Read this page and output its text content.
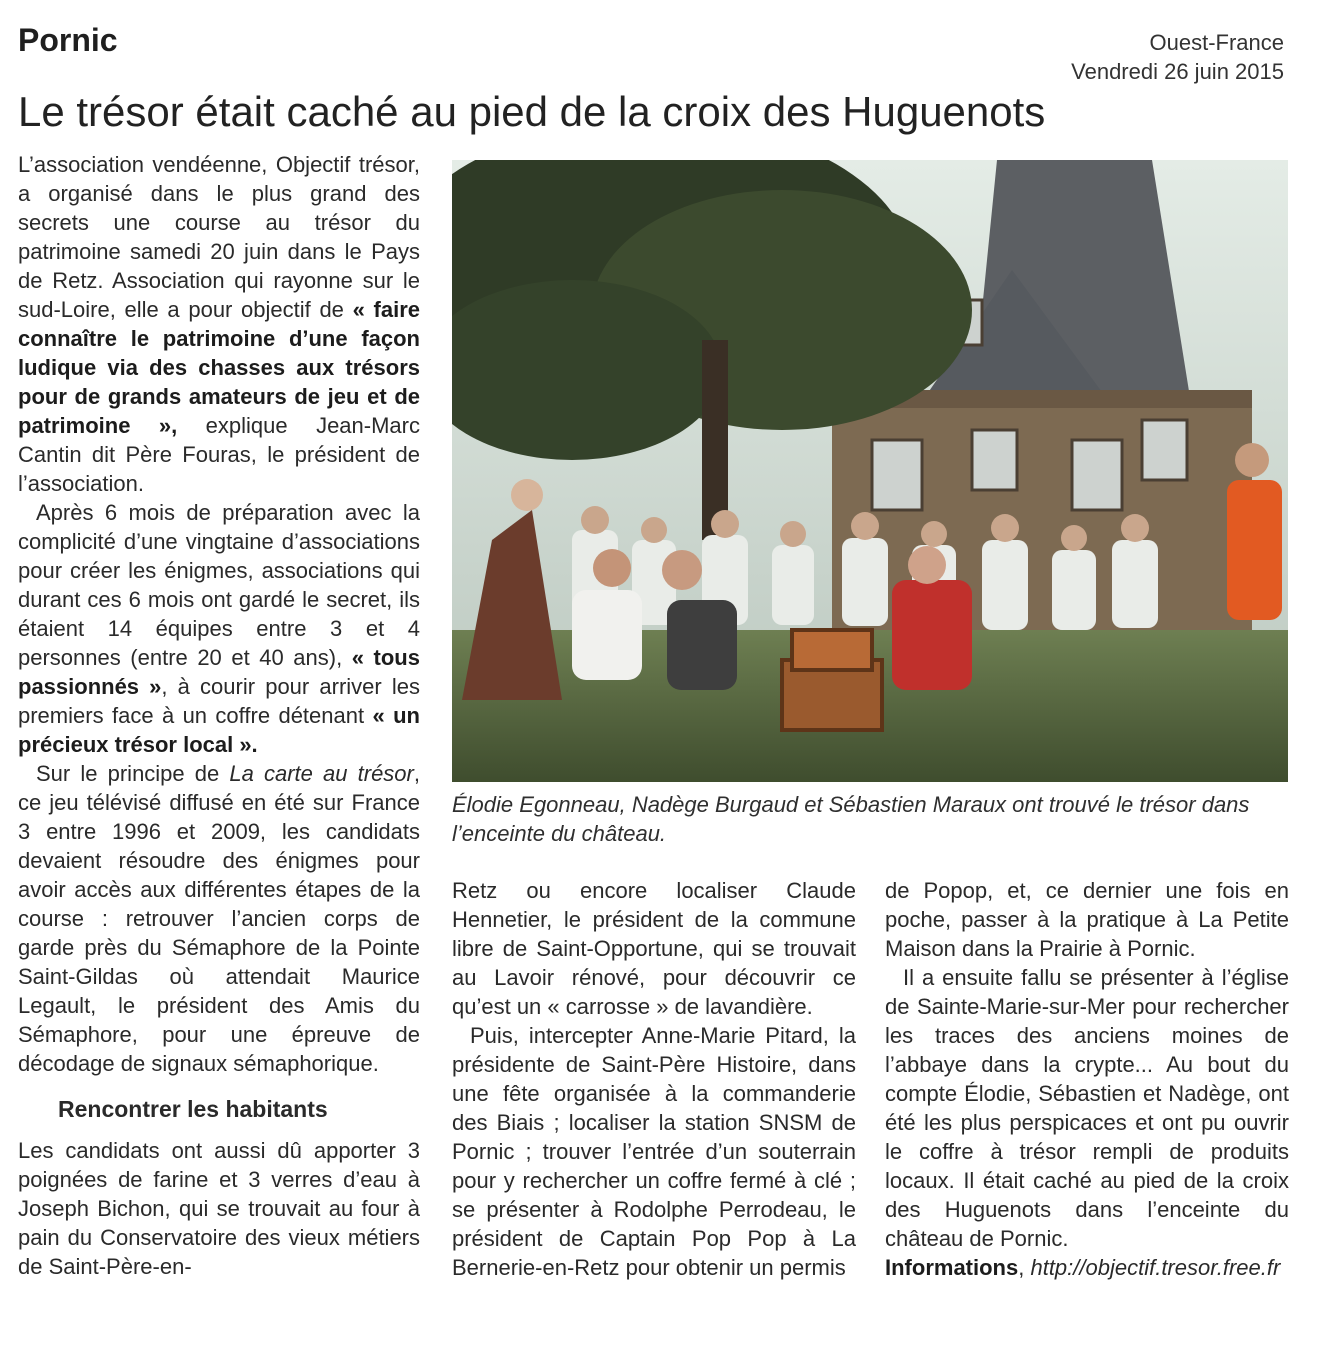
Pornic	Ouest-France
Vendredi 26 juin 2015
Le trésor était caché au pied de la croix des Huguenots

L’association vendéenne, Objectif trésor, a organisé dans le plus grand des secrets une course au trésor du patrimoine samedi 20 juin dans le Pays de Retz. Association qui rayonne sur le sud-Loire, elle a pour objectif de « faire connaître le patrimoine d’une façon ludique via des chasses aux trésors pour de grands amateurs de jeu et de patrimoine », explique Jean-Marc Cantin dit Père Fouras, le président de l’association.

Après 6 mois de préparation avec la complicité d’une vingtaine d’associations pour créer les énigmes, associations qui durant ces 6 mois ont gardé le secret, ils étaient 14 équipes entre 3 et 4 personnes (entre 20 et 40 ans), « tous passionnés », à courir pour arriver les premiers face à un coffre détenant « un précieux trésor local ».

Sur le principe de La carte au trésor, ce jeu télévisé diffusé en été sur France 3 entre 1996 et 2009, les candidats devaient résoudre des énigmes pour avoir accès aux différentes étapes de la course : retrouver l’ancien corps de garde près du Sémaphore de la Pointe Saint-Gildas où attendait Maurice Legault, le président des Amis du Sémaphore, pour une épreuve de décodage de signaux sémaphorique.

Rencontrer les habitants

Les candidats ont aussi dû apporter 3 poignées de farine et 3 verres d’eau à Joseph Bichon, qui se trouvait au four à pain du Conservatoire des vieux métiers de Saint-Père-en-

Élodie Egonneau, Nadège Burgaud et Sébastien Maraux ont trouvé le trésor dans l’enceinte du château.

Retz ou encore localiser Claude Hennetier, le président de la commune libre de Saint-Opportune, qui se trouvait au Lavoir rénové, pour découvrir ce qu’est un « carrosse » de lavandière.

Puis, intercepter Anne-Marie Pitard, la présidente de Saint-Père Histoire, dans une fête organisée à la commanderie des Biais ; localiser la station SNSM de Pornic ; trouver l’entrée d’un souterrain pour y rechercher un coffre fermé à clé ; se présenter à Rodolphe Perrodeau, le président de Captain Pop Pop à La Bernerie-en-Retz pour obtenir un permis

de Popop, et, ce dernier une fois en poche, passer à la pratique à La Petite Maison dans la Prairie à Pornic.

Il a ensuite fallu se présenter à l’église de Sainte-Marie-sur-Mer pour rechercher les traces des anciens moines de l’abbaye dans la crypte... Au bout du compte Élodie, Sébastien et Nadège, ont été les plus perspicaces et ont pu ouvrir le coffre à trésor rempli de produits locaux. Il était caché au pied de la croix des Huguenots dans l’enceinte du château de Pornic.

Informations, http://objectif.tresor.free.fr
